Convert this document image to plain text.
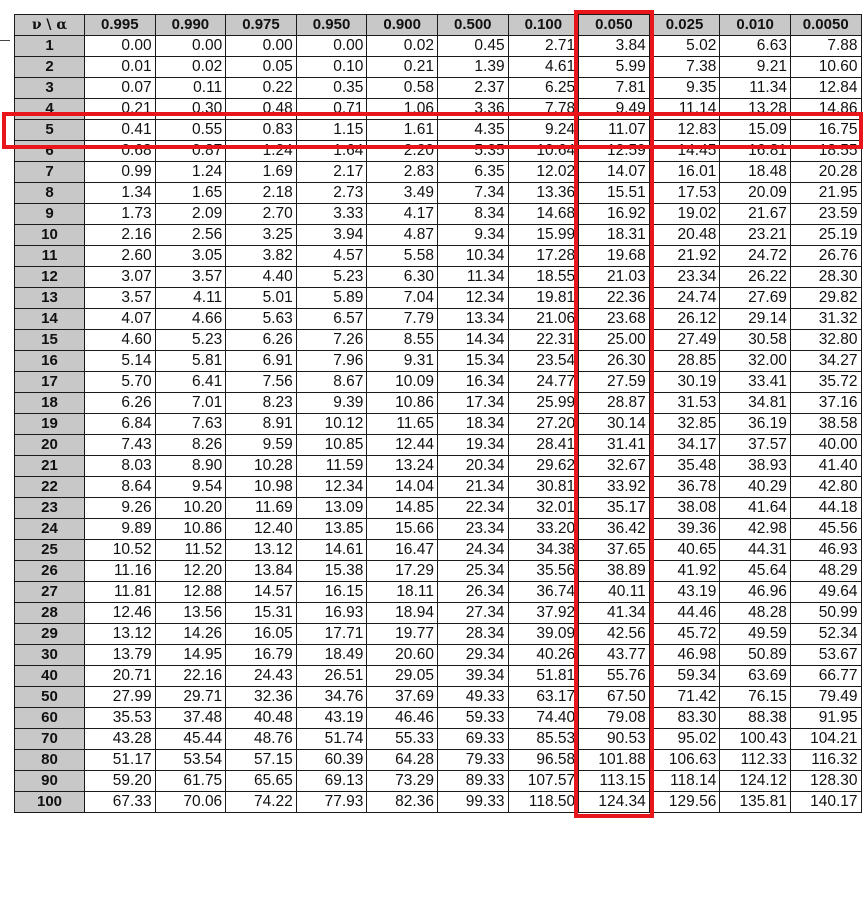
ν \ α	0.995	0.990	0.975	0.950	0.900	0.500	0.100	0.050	0.025	0.010	0.0050
1	0.00	0.00	0.00	0.00	0.02	0.45	2.71	3.84	5.02	6.63	7.88
2	0.01	0.02	0.05	0.10	0.21	1.39	4.61	5.99	7.38	9.21	10.60
3	0.07	0.11	0.22	0.35	0.58	2.37	6.25	7.81	9.35	11.34	12.84
4	0.21	0.30	0.48	0.71	1.06	3.36	7.78	9.49	11.14	13.28	14.86
5	0.41	0.55	0.83	1.15	1.61	4.35	9.24	11.07	12.83	15.09	16.75
6	0.68	0.87	1.24	1.64	2.20	5.35	10.64	12.59	14.45	16.81	18.55
7	0.99	1.24	1.69	2.17	2.83	6.35	12.02	14.07	16.01	18.48	20.28
8	1.34	1.65	2.18	2.73	3.49	7.34	13.36	15.51	17.53	20.09	21.95
9	1.73	2.09	2.70	3.33	4.17	8.34	14.68	16.92	19.02	21.67	23.59
10	2.16	2.56	3.25	3.94	4.87	9.34	15.99	18.31	20.48	23.21	25.19
11	2.60	3.05	3.82	4.57	5.58	10.34	17.28	19.68	21.92	24.72	26.76
12	3.07	3.57	4.40	5.23	6.30	11.34	18.55	21.03	23.34	26.22	28.30
13	3.57	4.11	5.01	5.89	7.04	12.34	19.81	22.36	24.74	27.69	29.82
14	4.07	4.66	5.63	6.57	7.79	13.34	21.06	23.68	26.12	29.14	31.32
15	4.60	5.23	6.26	7.26	8.55	14.34	22.31	25.00	27.49	30.58	32.80
16	5.14	5.81	6.91	7.96	9.31	15.34	23.54	26.30	28.85	32.00	34.27
17	5.70	6.41	7.56	8.67	10.09	16.34	24.77	27.59	30.19	33.41	35.72
18	6.26	7.01	8.23	9.39	10.86	17.34	25.99	28.87	31.53	34.81	37.16
19	6.84	7.63	8.91	10.12	11.65	18.34	27.20	30.14	32.85	36.19	38.58
20	7.43	8.26	9.59	10.85	12.44	19.34	28.41	31.41	34.17	37.57	40.00
21	8.03	8.90	10.28	11.59	13.24	20.34	29.62	32.67	35.48	38.93	41.40
22	8.64	9.54	10.98	12.34	14.04	21.34	30.81	33.92	36.78	40.29	42.80
23	9.26	10.20	11.69	13.09	14.85	22.34	32.01	35.17	38.08	41.64	44.18
24	9.89	10.86	12.40	13.85	15.66	23.34	33.20	36.42	39.36	42.98	45.56
25	10.52	11.52	13.12	14.61	16.47	24.34	34.38	37.65	40.65	44.31	46.93
26	11.16	12.20	13.84	15.38	17.29	25.34	35.56	38.89	41.92	45.64	48.29
27	11.81	12.88	14.57	16.15	18.11	26.34	36.74	40.11	43.19	46.96	49.64
28	12.46	13.56	15.31	16.93	18.94	27.34	37.92	41.34	44.46	48.28	50.99
29	13.12	14.26	16.05	17.71	19.77	28.34	39.09	42.56	45.72	49.59	52.34
30	13.79	14.95	16.79	18.49	20.60	29.34	40.26	43.77	46.98	50.89	53.67
40	20.71	22.16	24.43	26.51	29.05	39.34	51.81	55.76	59.34	63.69	66.77
50	27.99	29.71	32.36	34.76	37.69	49.33	63.17	67.50	71.42	76.15	79.49
60	35.53	37.48	40.48	43.19	46.46	59.33	74.40	79.08	83.30	88.38	91.95
70	43.28	45.44	48.76	51.74	55.33	69.33	85.53	90.53	95.02	100.43	104.21
80	51.17	53.54	57.15	60.39	64.28	79.33	96.58	101.88	106.63	112.33	116.32
90	59.20	61.75	65.65	69.13	73.29	89.33	107.57	113.15	118.14	124.12	128.30
100	67.33	70.06	74.22	77.93	82.36	99.33	118.50	124.34	129.56	135.81	140.17
